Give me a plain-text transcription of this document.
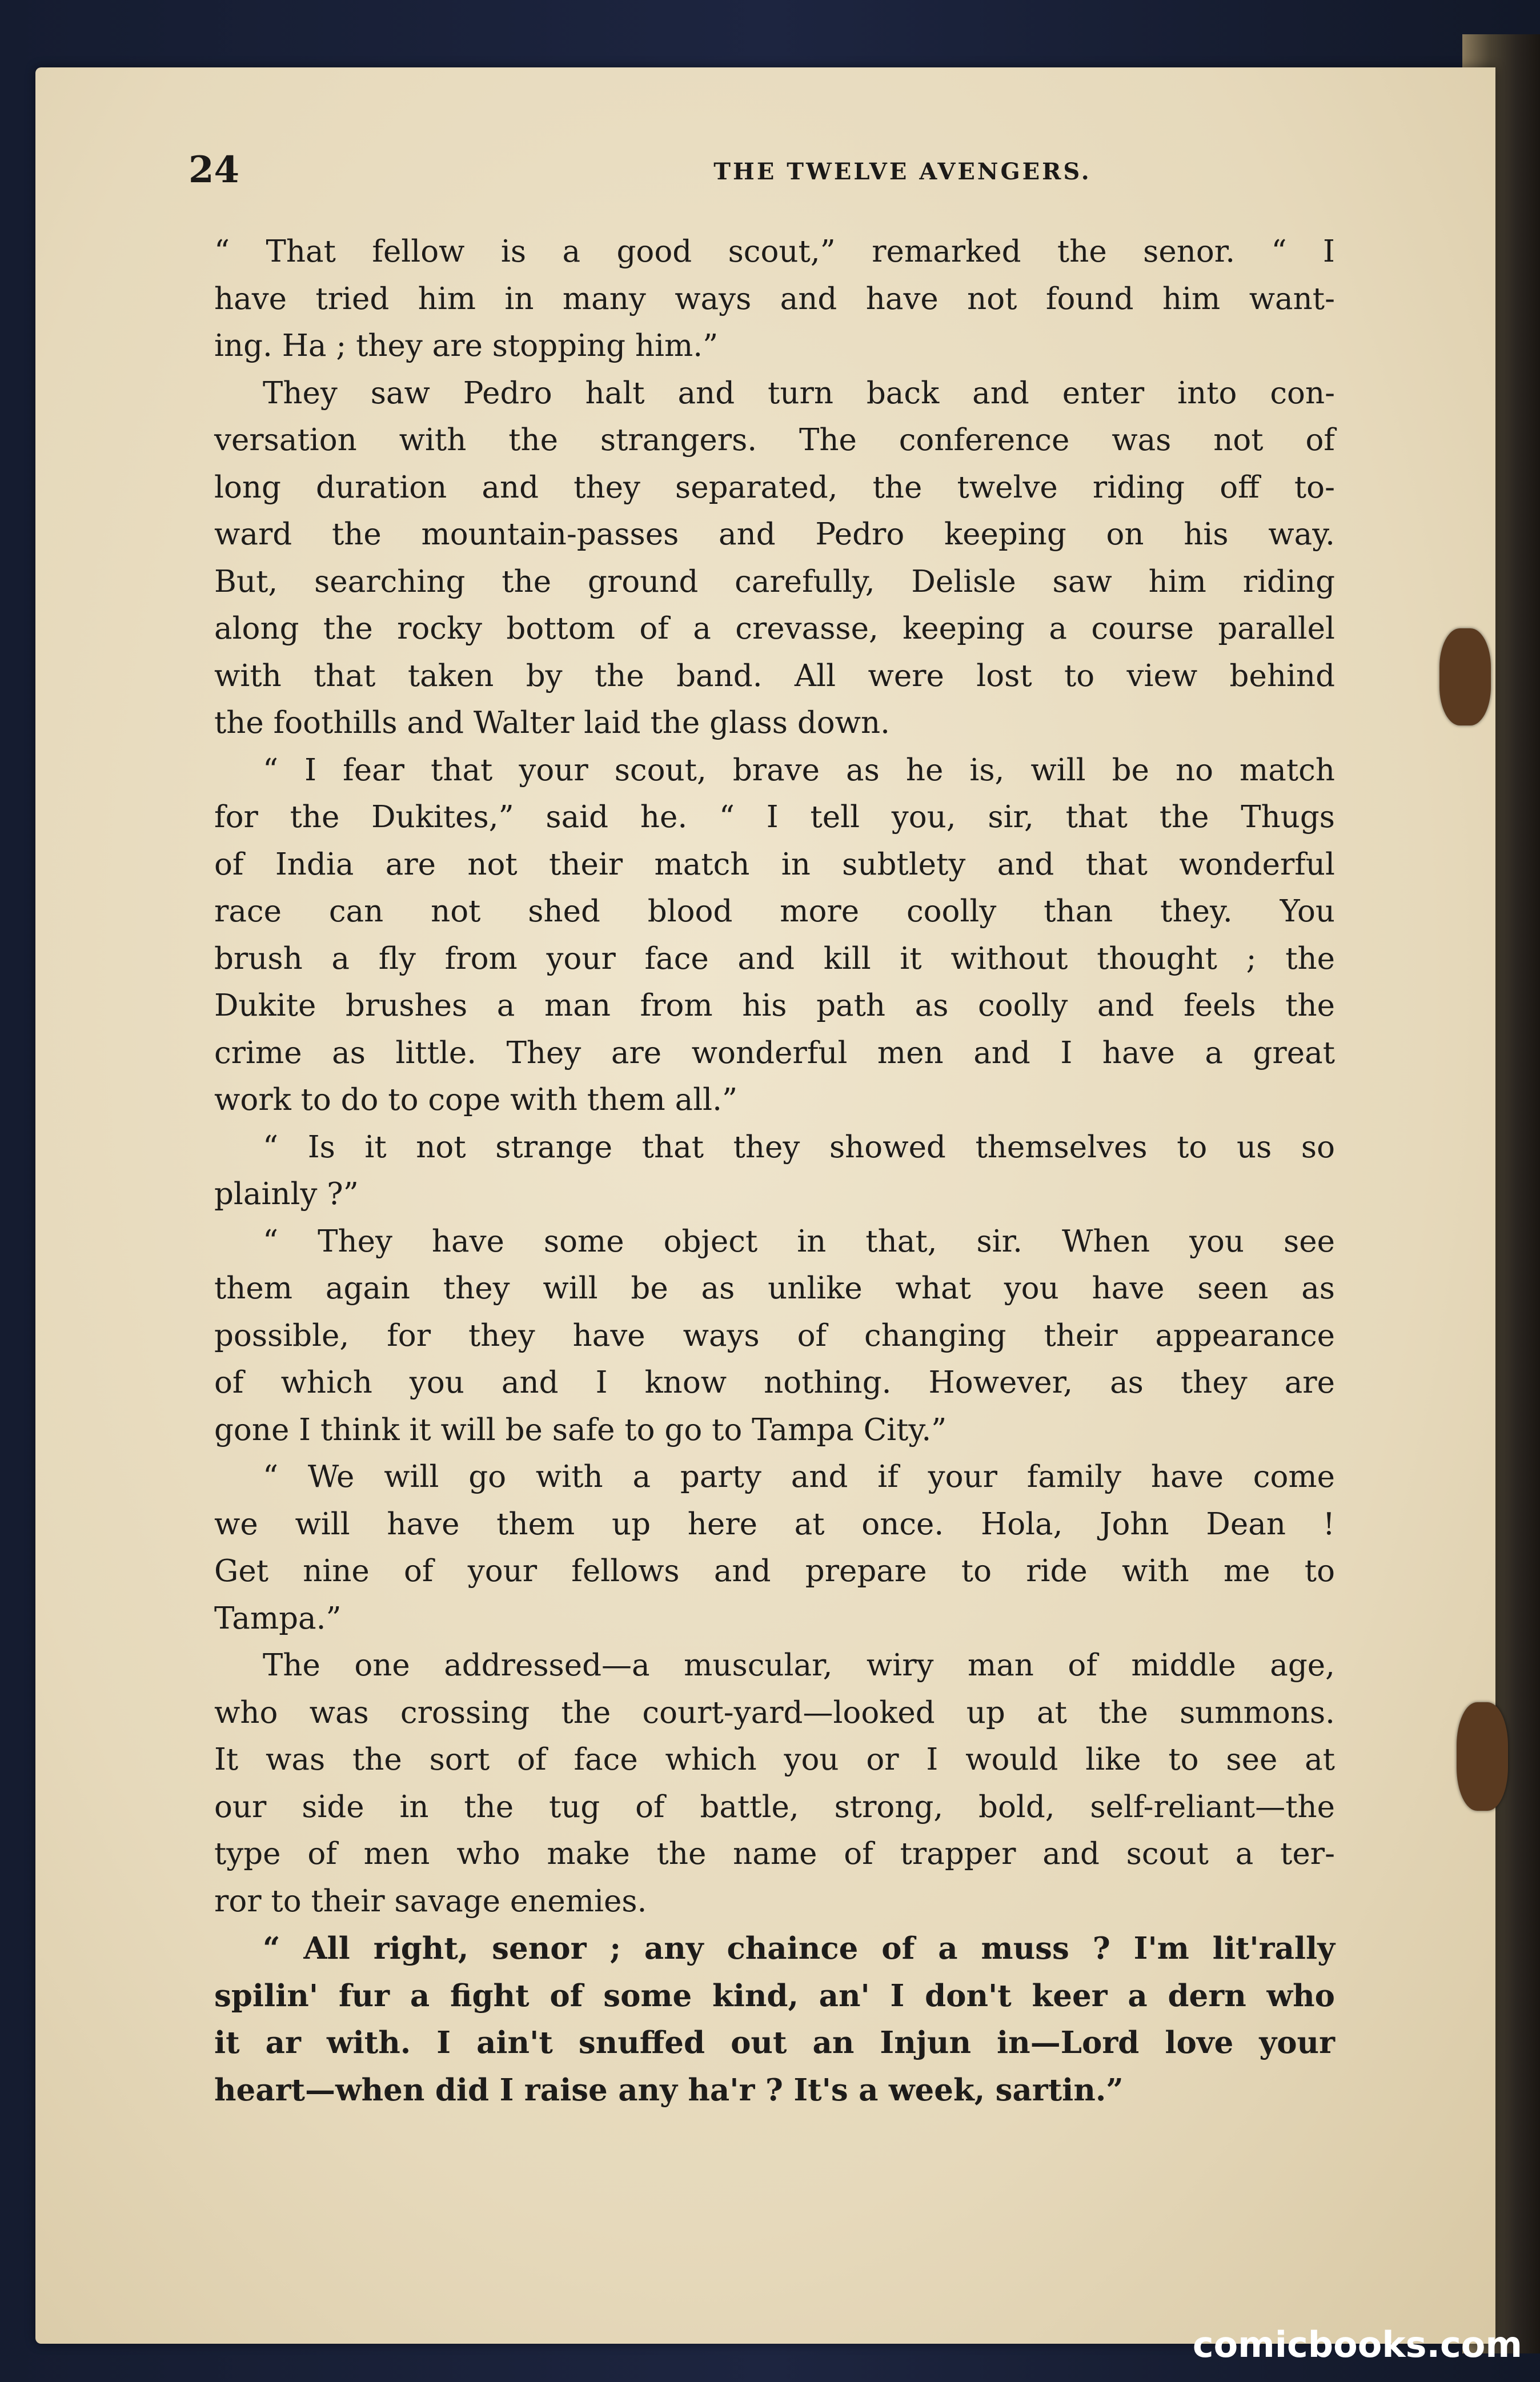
24	THE TWELVE AVENGERS.
“ That fellow is a good scout,” remarked the senor. “ I
have tried him in many ways and have not found him want-
ing. Ha ; they are stopping him.”
They saw Pedro halt and turn back and enter into con-
versation with the strangers. The conference was not of
long duration and they separated, the twelve riding off to-
ward the mountain-passes and Pedro keeping on his way.
But, searching the ground carefully, Delisle saw him riding
along the rocky bottom of a crevasse, keeping a course parallel
with that taken by the band. All were lost to view behind
the foothills and Walter laid the glass down.
“ I fear that your scout, brave as he is, will be no match
for the Dukites,” said he. “ I tell you, sir, that the Thugs
of India are not their match in subtlety and that wonderful
race can not shed blood more coolly than they. You
brush a fly from your face and kill it without thought ; the
Dukite brushes a man from his path as coolly and feels the
crime as little. They are wonderful men and I have a great
work to do to cope with them all.”
“ Is it not strange that they showed themselves to us so
plainly ?”
“ They have some object in that, sir. When you see
them again they will be as unlike what you have seen as
possible, for they have ways of changing their appearance
of which you and I know nothing. However, as they are
gone I think it will be safe to go to Tampa City.”
“ We will go with a party and if your family have come
we will have them up here at once. Hola, John Dean !
Get nine of your fellows and prepare to ride with me to
Tampa.”
The one addressed—a muscular, wiry man of middle age,
who was crossing the court-yard—looked up at the summons.
It was the sort of face which you or I would like to see at
our side in the tug of battle, strong, bold, self-reliant—the
type of men who make the name of trapper and scout a ter-
ror to their savage enemies.
“ All right, senor ; any chaince of a muss ? I'm lit'rally
spilin' fur a fight of some kind, an' I don't keer a dern who
it ar with. I ain't snuffed out an Injun in—Lord love your
heart—when did I raise any ha'r ? It's a week, sartin.”
comicbooks.com
